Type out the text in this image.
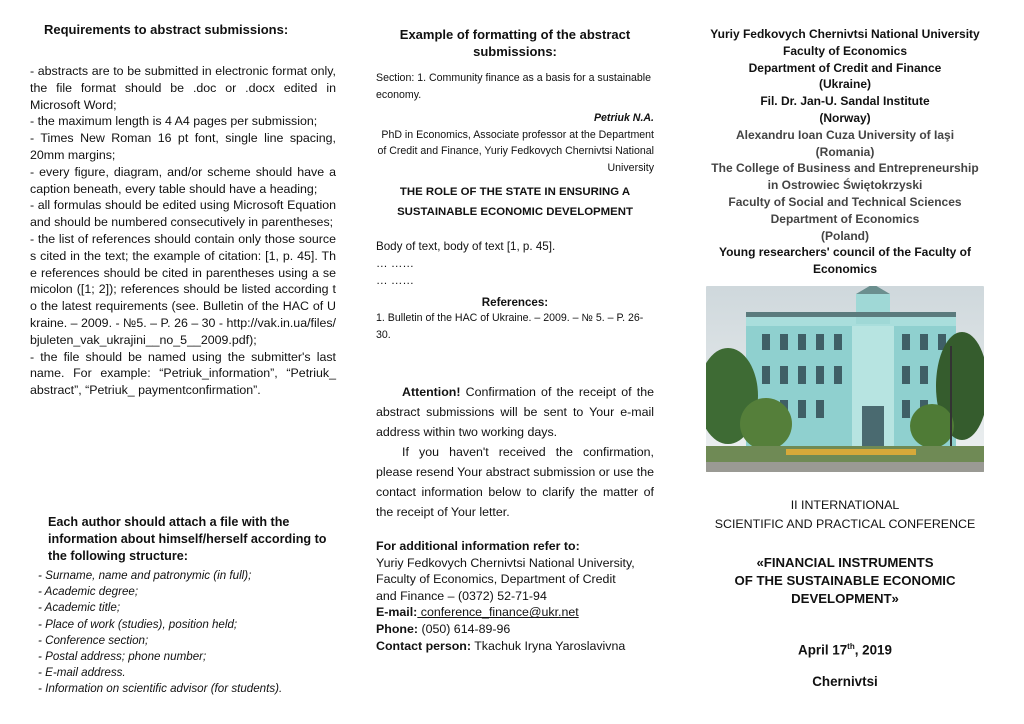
Requirements to abstract submissions:

- abstracts are to be submitted in electronic format only, the file format should be .doc or .docx edited in Microsoft Word;

- the maximum length is 4 A4 pages per submission;

- Times New Roman 16 pt font, single line spacing, 20mm margins;

- every figure, diagram, and/or scheme should have a caption beneath, every table should have a heading;

- all formulas should be edited using Microsoft Equation and should be numbered consecutively in parentheses;

- the list of references should contain only those sources cited in the text; the example of citation: [1, p. 45]. The references should be cited in parentheses using a semicolon ([1; 2]); references should be listed according to the latest requirements (see. Bulletin of the HAC of Ukraine. – 2009. - №5. – P. 26 – 30 - http://vak.in.ua/files/bjuleten_vak_ukrajini__no_5__2009.pdf);

- the file should be named using the submitter's last name. For example: “Petriuk_information”, “Petriuk_ abstract”, “Petriuk_ paymentconfirmation”.

Each author should attach a file with the information about himself/herself according to the following structure:
- Surname, name and patronymic (in full);
- Academic degree;
- Academic title;
- Place of work (studies), position held;
- Conference section;
- Postal address; phone number;
- E-mail address.
- Information on scientific advisor (for students).
Example of formatting of the abstract submissions:
Section: 1. Community finance as a basis for a sustainable economy.
Petriuk N.A.
PhD in Economics, Associate professor at the Department of Credit and Finance, Yuriy Fedkovych Chernivtsi National University
THE ROLE OF THE STATE IN ENSURING A SUSTAINABLE ECONOMIC DEVELOPMENT
Body of text, body of text [1, p. 45].
… ……
… ……
References:
1. Bulletin of the HAC of Ukraine. – 2009. – № 5. – P. 26-30.

Attention! Confirmation of the receipt of the abstract submissions will be sent to Your e-mail address within two working days.

If you haven't received the confirmation, please resend Your abstract submission or use the contact information below to clarify the matter of the receipt of Your letter.

For additional information refer to:
Yuriy Fedkovych Chernivtsi National University,
Faculty of Economics, Department of Credit
and Finance – (0372) 52-71-94
E-mail: conference_finance@ukr.net
Phone: (050) 614-89-96
Contact person: Tkachuk Iryna Yaroslavivna
Yuriy Fedkovych Chernivtsi National University
Faculty of Economics
Department of Credit and Finance
(Ukraine)
Fil. Dr. Jan-U. Sandal Institute
(Norway)
Alexandru Ioan Cuza University of Iaşi
(Romania)
The College of Business and Entrepreneurship
in Ostrowiec Świętokrzyski
Faculty of Social and Technical Sciences
Department of Economics
(Poland)
Young researchers' council of the Faculty of
Economics
II INTERNATIONAL
SCIENTIFIC AND PRACTICAL CONFERENCE
«FINANCIAL INSTRUMENTS
OF THE SUSTAINABLE ECONOMIC
DEVELOPMENT»
April 17th, 2019
Chernivtsi
